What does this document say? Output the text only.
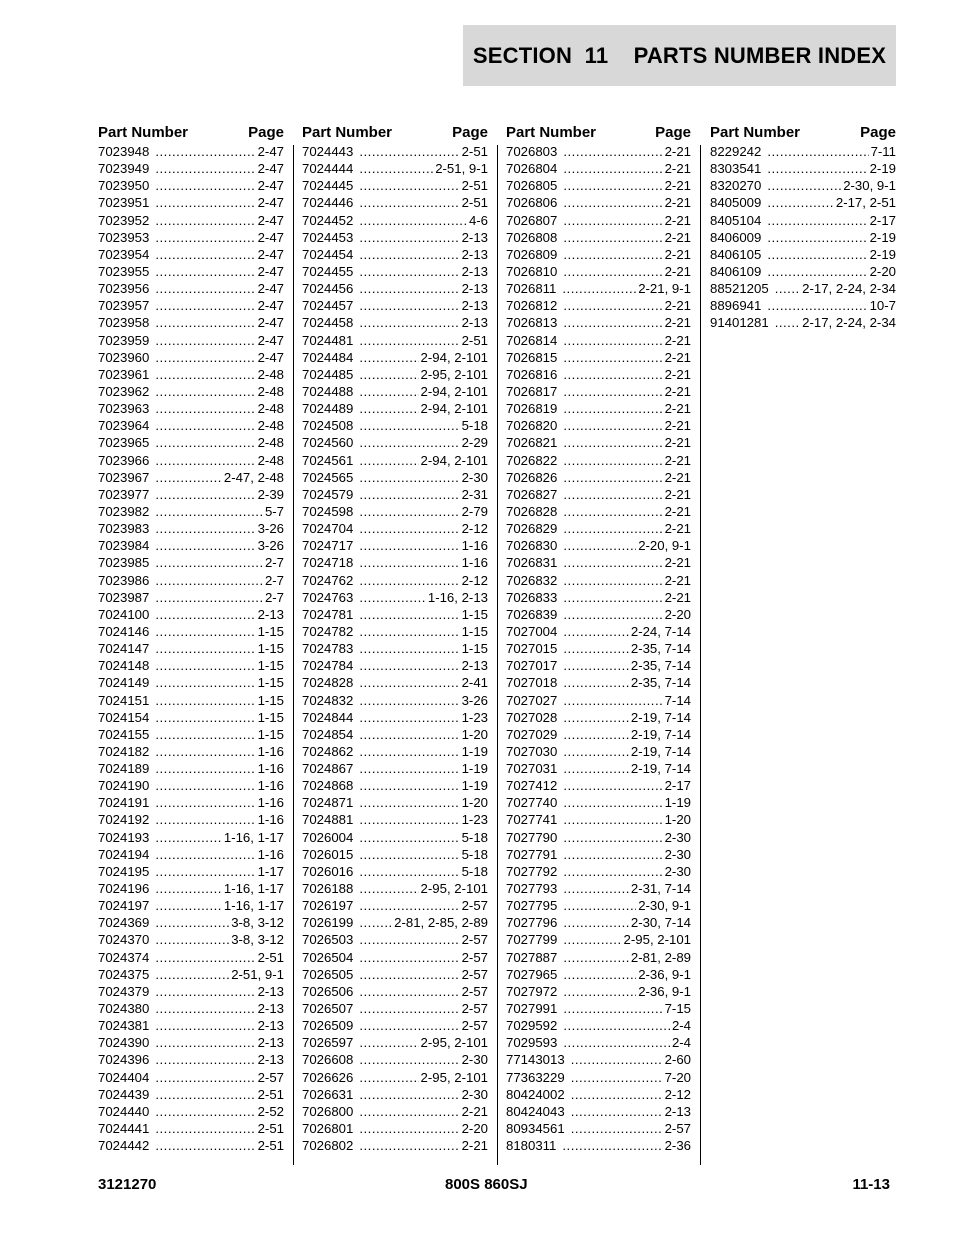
SECTION  11
PARTS NUMBER INDEX
Part Number	Page
7023948 .....	2-47
7023949 .....	2-47
7023950 .....	2-47
7023951 .....	2-47
7023952 .....	2-47
7023953 .....	2-47
7023954 .....	2-47
7023955 .....	2-47
7023956 .....	2-47
7023957 .....	2-47
7023958 .....	2-47
7023959 .....	2-47
7023960 .....	2-47
7023961 .....	2-48
7023962 .....	2-48
7023963 .....	2-48
7023964 .....	2-48
7023965 .....	2-48
7023966 .....	2-48
7023967 .....	2-47, 2-48
7023977 .....	2-39
7023982 .....	5-7
7023983 .....	3-26
7023984 .....	3-26
7023985 .....	2-7
7023986 .....	2-7
7023987 .....	2-7
7024100 .....	2-13
7024146 .....	1-15
7024147 .....	1-15
7024148 .....	1-15
7024149 .....	1-15
7024151 .....	1-15
7024154 .....	1-15
7024155 .....	1-15
7024182 .....	1-16
7024189 .....	1-16
7024190 .....	1-16
7024191 .....	1-16
7024192 .....	1-16
7024193 .....	1-16, 1-17
7024194 .....	1-16
7024195 .....	1-17
7024196 .....	1-16, 1-17
7024197 .....	1-16, 1-17
7024369 .....	3-8, 3-12
7024370 .....	3-8, 3-12
7024374 .....	2-51
7024375 .....	2-51, 9-1
7024379 .....	2-13
7024380 .....	2-13
7024381 .....	2-13
7024390 .....	2-13
7024396 .....	2-13
7024404 .....	2-57
7024439 .....	2-51
7024440 .....	2-52
7024441 .....	2-51
7024442 .....	2-51
Part Number	Page
7024443 .....	2-51
7024444 .....	2-51, 9-1
7024445 .....	2-51
7024446 .....	2-51
7024452 .....	4-6
7024453 .....	2-13
7024454 .....	2-13
7024455 .....	2-13
7024456 .....	2-13
7024457 .....	2-13
7024458 .....	2-13
7024481 .....	2-51
7024484 .....	2-94, 2-101
7024485 .....	2-95, 2-101
7024488 .....	2-94, 2-101
7024489 .....	2-94, 2-101
7024508 .....	5-18
7024560 .....	2-29
7024561 .....	2-94, 2-101
7024565 .....	2-30
7024579 .....	2-31
7024598 .....	2-79
7024704 .....	2-12
7024717 .....	1-16
7024718 .....	1-16
7024762 .....	2-12
7024763 .....	1-16, 2-13
7024781 .....	1-15
7024782 .....	1-15
7024783 .....	1-15
7024784 .....	2-13
7024828 .....	2-41
7024832 .....	3-26
7024844 .....	1-23
7024854 .....	1-20
7024862 .....	1-19
7024867 .....	1-19
7024868 .....	1-19
7024871 .....	1-20
7024881 .....	1-23
7026004 .....	5-18
7026015 .....	5-18
7026016 .....	5-18
7026188 .....	2-95, 2-101
7026197 .....	2-57
7026199 .....	2-81, 2-85, 2-89
7026503 .....	2-57
7026504 .....	2-57
7026505 .....	2-57
7026506 .....	2-57
7026507 .....	2-57
7026509 .....	2-57
7026597 .....	2-95, 2-101
7026608 .....	2-30
7026626 .....	2-95, 2-101
7026631 .....	2-30
7026800 .....	2-21
7026801 .....	2-20
7026802 .....	2-21
Part Number	Page
7026803 .....	2-21
7026804 .....	2-21
7026805 .....	2-21
7026806 .....	2-21
7026807 .....	2-21
7026808 .....	2-21
7026809 .....	2-21
7026810 .....	2-21
7026811 .....	2-21, 9-1
7026812 .....	2-21
7026813 .....	2-21
7026814 .....	2-21
7026815 .....	2-21
7026816 .....	2-21
7026817 .....	2-21
7026819 .....	2-21
7026820 .....	2-21
7026821 .....	2-21
7026822 .....	2-21
7026826 .....	2-21
7026827 .....	2-21
7026828 .....	2-21
7026829 .....	2-21
7026830 .....	2-20, 9-1
7026831 .....	2-21
7026832 .....	2-21
7026833 .....	2-21
7026839 .....	2-20
7027004 .....	2-24, 7-14
7027015 .....	2-35, 7-14
7027017 .....	2-35, 7-14
7027018 .....	2-35, 7-14
7027027 .....	7-14
7027028 .....	2-19, 7-14
7027029 .....	2-19, 7-14
7027030 .....	2-19, 7-14
7027031 .....	2-19, 7-14
7027412 .....	2-17
7027740 .....	1-19
7027741 .....	1-20
7027790 .....	2-30
7027791 .....	2-30
7027792 .....	2-30
7027793 .....	2-31, 7-14
7027795 .....	2-30, 9-1
7027796 .....	2-30, 7-14
7027799 .....	2-95, 2-101
7027887 .....	2-81, 2-89
7027965 .....	2-36, 9-1
7027972 .....	2-36, 9-1
7027991 .....	7-15
7029592 .....	2-4
7029593 .....	2-4
77143013 .....	2-60
77363229 .....	7-20
80424002 .....	2-12
80424043 .....	2-13
80934561 .....	2-57
8180311 .....	2-36
Part Number	Page
8229242 .....	7-11
8303541 .....	2-19
8320270 .....	2-30, 9-1
8405009 .....	2-17, 2-51
8405104 .....	2-17
8406009 .....	2-19
8406105 .....	2-19
8406109 .....	2-20
88521205 .....	2-17, 2-24, 2-34
8896941 .....	10-7
91401281 .....	2-17, 2-24, 2-34
3121270	800S 860SJ	11-13
